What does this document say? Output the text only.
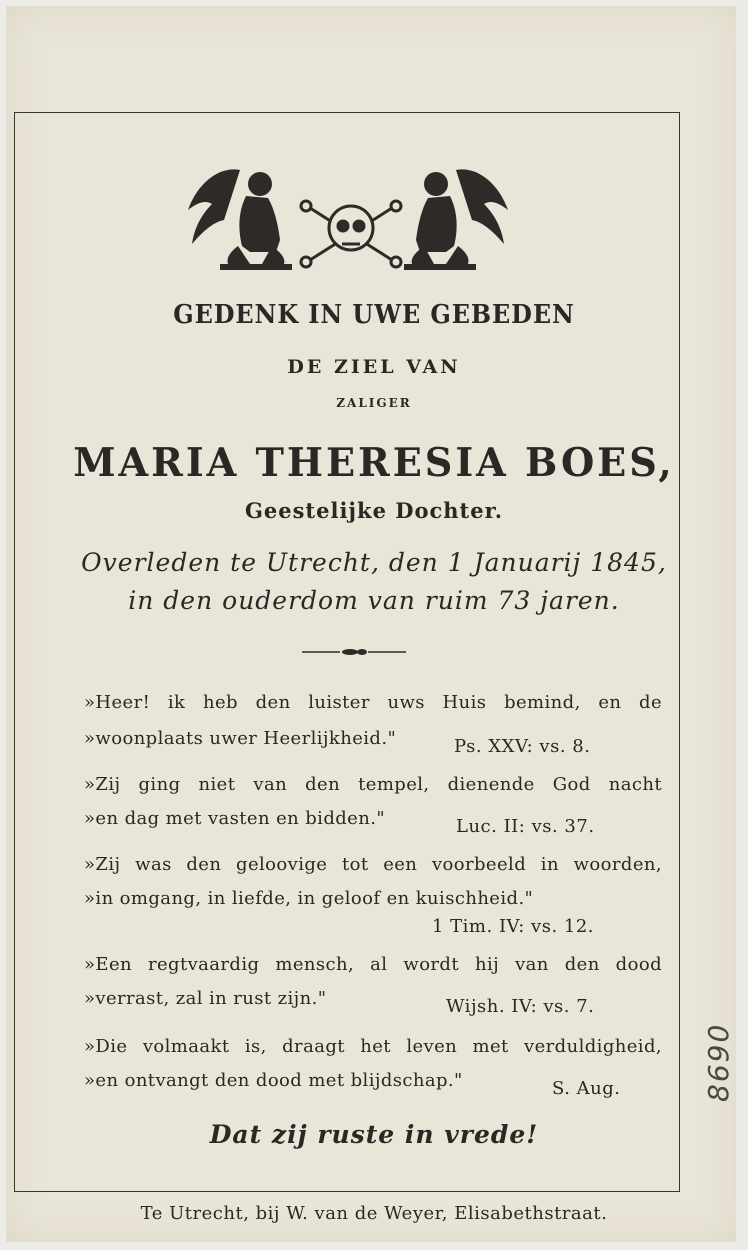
GEDENK IN UWE GEBEDEN
DE ZIEL VAN
ZALIGER
MARIA THERESIA BOES,
Geestelijke Dochter.
Overleden te Utrecht, den 1 Januarij 1845,
in den ouderdom van ruim 73 jaren.
»Heer! ik heb den luister uws Huis bemind, en de
»woonplaats uwer Heerlijkheid."	Ps. XXV: vs. 8.
»Zij ging niet van den tempel, dienende God nacht
»en dag met vasten en bidden."	Luc. II: vs. 37.
»Zij was den geloovige tot een voorbeeld in woorden,
»in omgang, in liefde, in geloof en kuischheid."
1 Tim. IV: vs. 12.
»Een regtvaardig mensch, al wordt hij van den dood
»verrast, zal in rust zijn."	Wijsh. IV: vs. 7.
»Die volmaakt is, draagt het leven met verduldigheid,
»en ontvangt den dood met blijdschap."	S. Aug.
Dat zij ruste in vrede!
Te Utrecht, bij W. van de Weyer, Elisabethstraat.
8690
